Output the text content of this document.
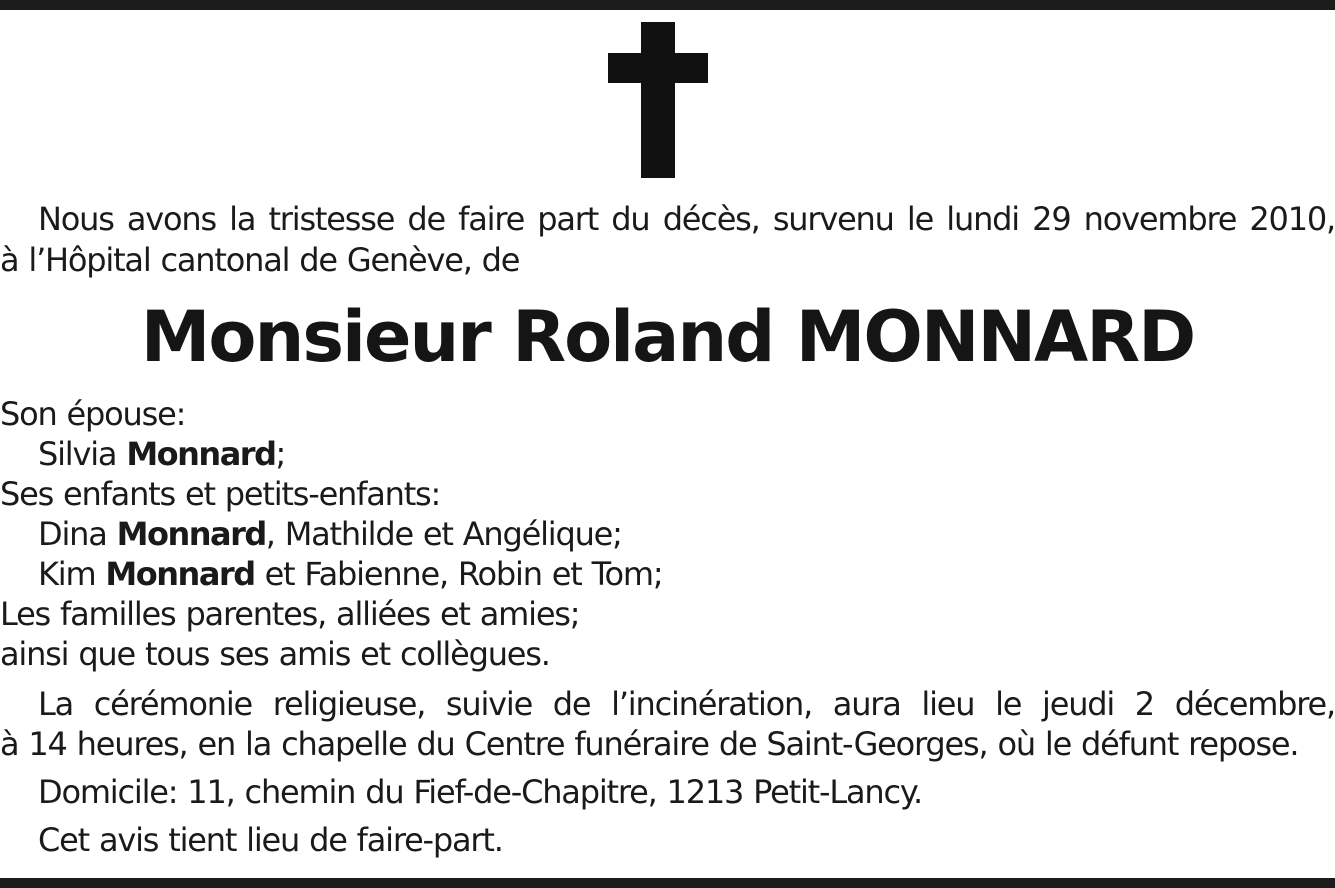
Nous avons la tristesse de faire part du décès, survenu le lundi 29 novembre 2010,
à l’Hôpital cantonal de Genève, de
Monsieur Roland MONNARD
Son épouse:
Silvia Monnard;
Ses enfants et petits-enfants:
Dina Monnard, Mathilde et Angélique;
Kim Monnard et Fabienne, Robin et Tom;
Les familles parentes, alliées et amies;
ainsi que tous ses amis et collègues.
La cérémonie religieuse, suivie de l’incinération, aura lieu le jeudi 2 décembre,
à 14 heures, en la chapelle du Centre funéraire de Saint-Georges, où le défunt repose.
Domicile: 11, chemin du Fief-de-Chapitre, 1213 Petit-Lancy.
Cet avis tient lieu de faire-part.
